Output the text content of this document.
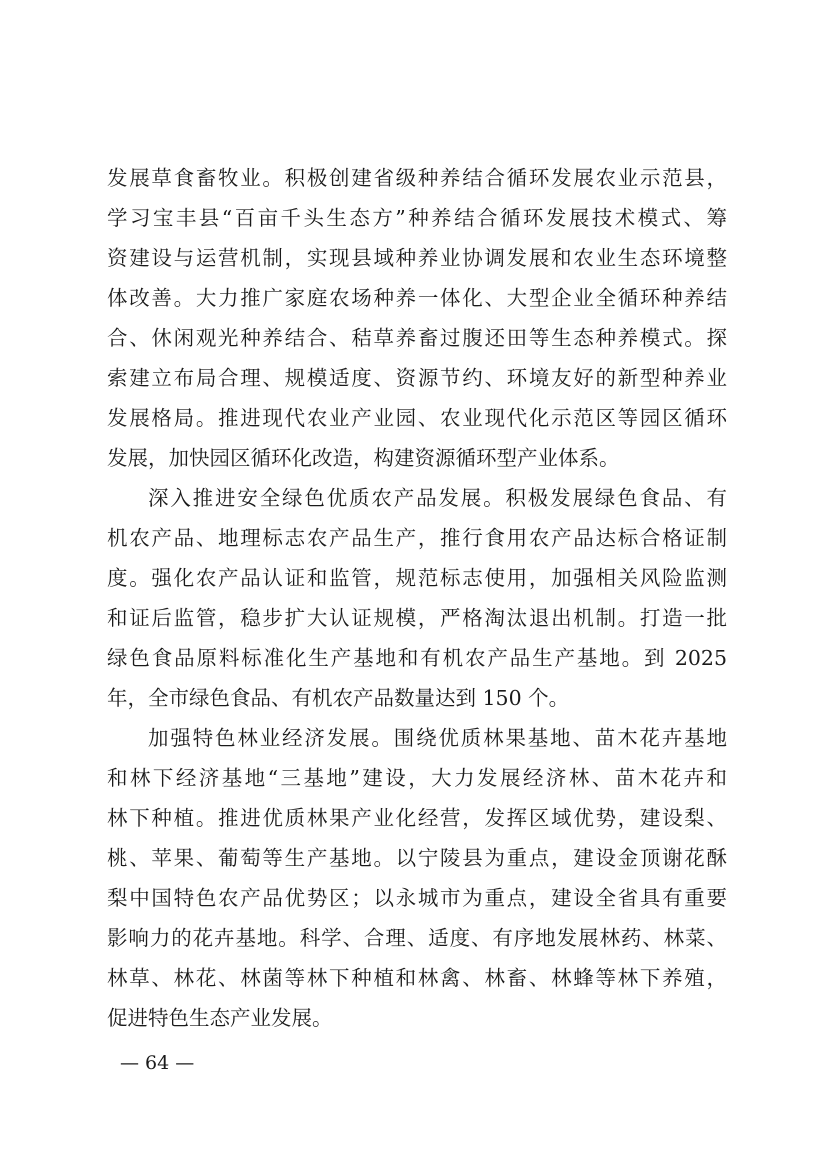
发展草食畜牧业。积极创建省级种养结合循环发展农业示范县，
学习宝丰县“百亩千头生态方”种养结合循环发展技术模式、筹
资建设与运营机制，实现县域种养业协调发展和农业生态环境整
体改善。大力推广家庭农场种养一体化、大型企业全循环种养结
合、休闲观光种养结合、秸草养畜过腹还田等生态种养模式。探
索建立布局合理、规模适度、资源节约、环境友好的新型种养业
发展格局。推进现代农业产业园、农业现代化示范区等园区循环
发展，加快园区循环化改造，构建资源循环型产业体系。
深入推进安全绿色优质农产品发展。积极发展绿色食品、有
机农产品、地理标志农产品生产，推行食用农产品达标合格证制
度。强化农产品认证和监管，规范标志使用，加强相关风险监测
和证后监管，稳步扩大认证规模，严格淘汰退出机制。打造一批
绿色食品原料标准化生产基地和有机农产品生产基地。到 2025
年，全市绿色食品、有机农产品数量达到 150 个。
加强特色林业经济发展。围绕优质林果基地、苗木花卉基地
和林下经济基地“三基地”建设，大力发展经济林、苗木花卉和
林下种植。推进优质林果产业化经营，发挥区域优势，建设梨、
桃、苹果、葡萄等生产基地。以宁陵县为重点，建设金顶谢花酥
梨中国特色农产品优势区；以永城市为重点，建设全省具有重要
影响力的花卉基地。科学、合理、适度、有序地发展林药、林菜、
林草、林花、林菌等林下种植和林禽、林畜、林蜂等林下养殖，
促进特色生态产业发展。
— 64 —
